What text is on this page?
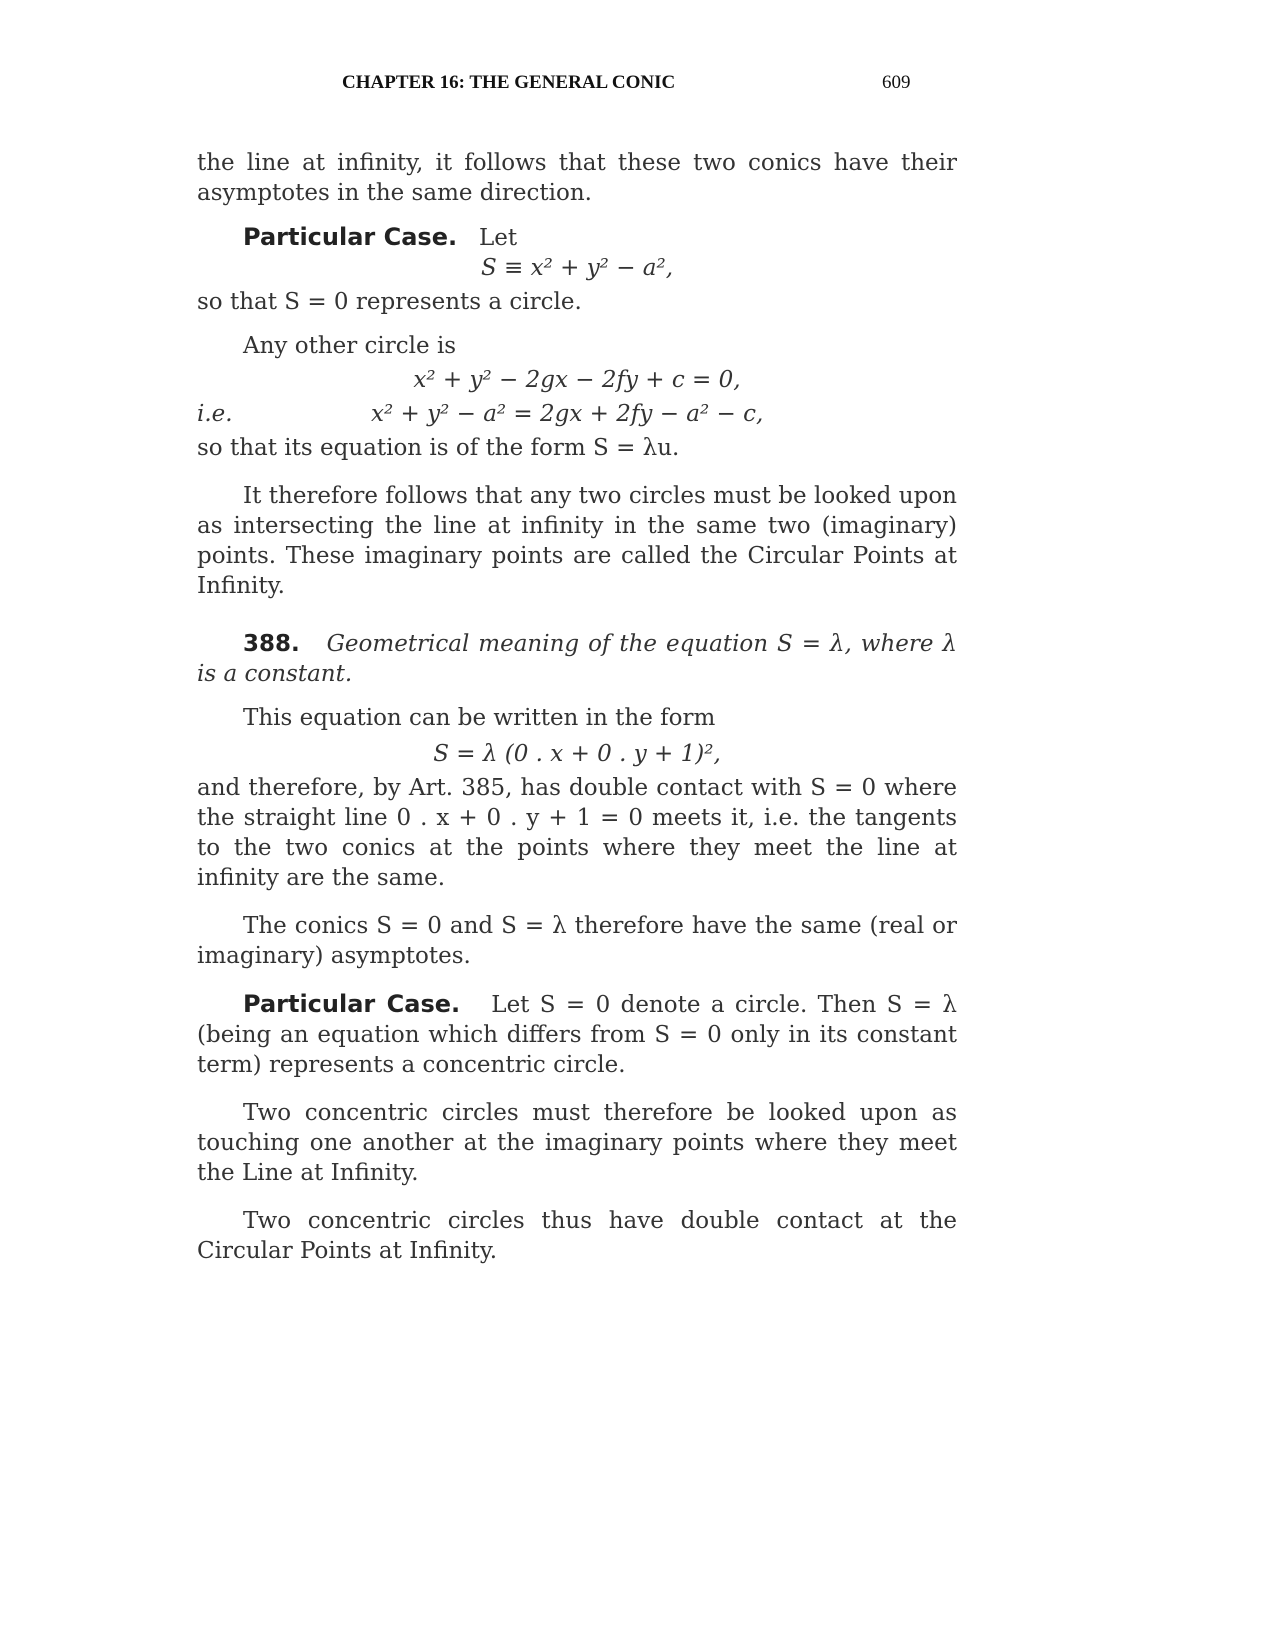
CHAPTER 16: THE GENERAL CONIC	609

the line at infinity, it follows that these two conics have their asymptotes in the same direction.

Particular Case. Let

S ≡ x² + y² − a²,

so that S = 0 represents a circle.

Any other circle is

x² + y² − 2gx − 2fy + c = 0,
i.e.	x² + y² − a² = 2gx + 2fy − a² − c,

so that its equation is of the form S = λu.

It therefore follows that any two circles must be looked upon as intersecting the line at infinity in the same two (imaginary) points. These imaginary points are called the Circular Points at Infinity.

388. Geometrical meaning of the equation S = λ, where λ is a constant.

This equation can be written in the form

S = λ (0 . x + 0 . y + 1)²,

and therefore, by Art. 385, has double contact with S = 0 where the straight line 0 . x + 0 . y + 1 = 0 meets it, i.e. the tangents to the two conics at the points where they meet the line at infinity are the same.

The conics S = 0 and S = λ therefore have the same (real or imaginary) asymptotes.

Particular Case. Let S = 0 denote a circle. Then S = λ (being an equation which differs from S = 0 only in its constant term) represents a concentric circle.

Two concentric circles must therefore be looked upon as touching one another at the imaginary points where they meet the Line at Infinity.

Two concentric circles thus have double contact at the Circular Points at Infinity.
